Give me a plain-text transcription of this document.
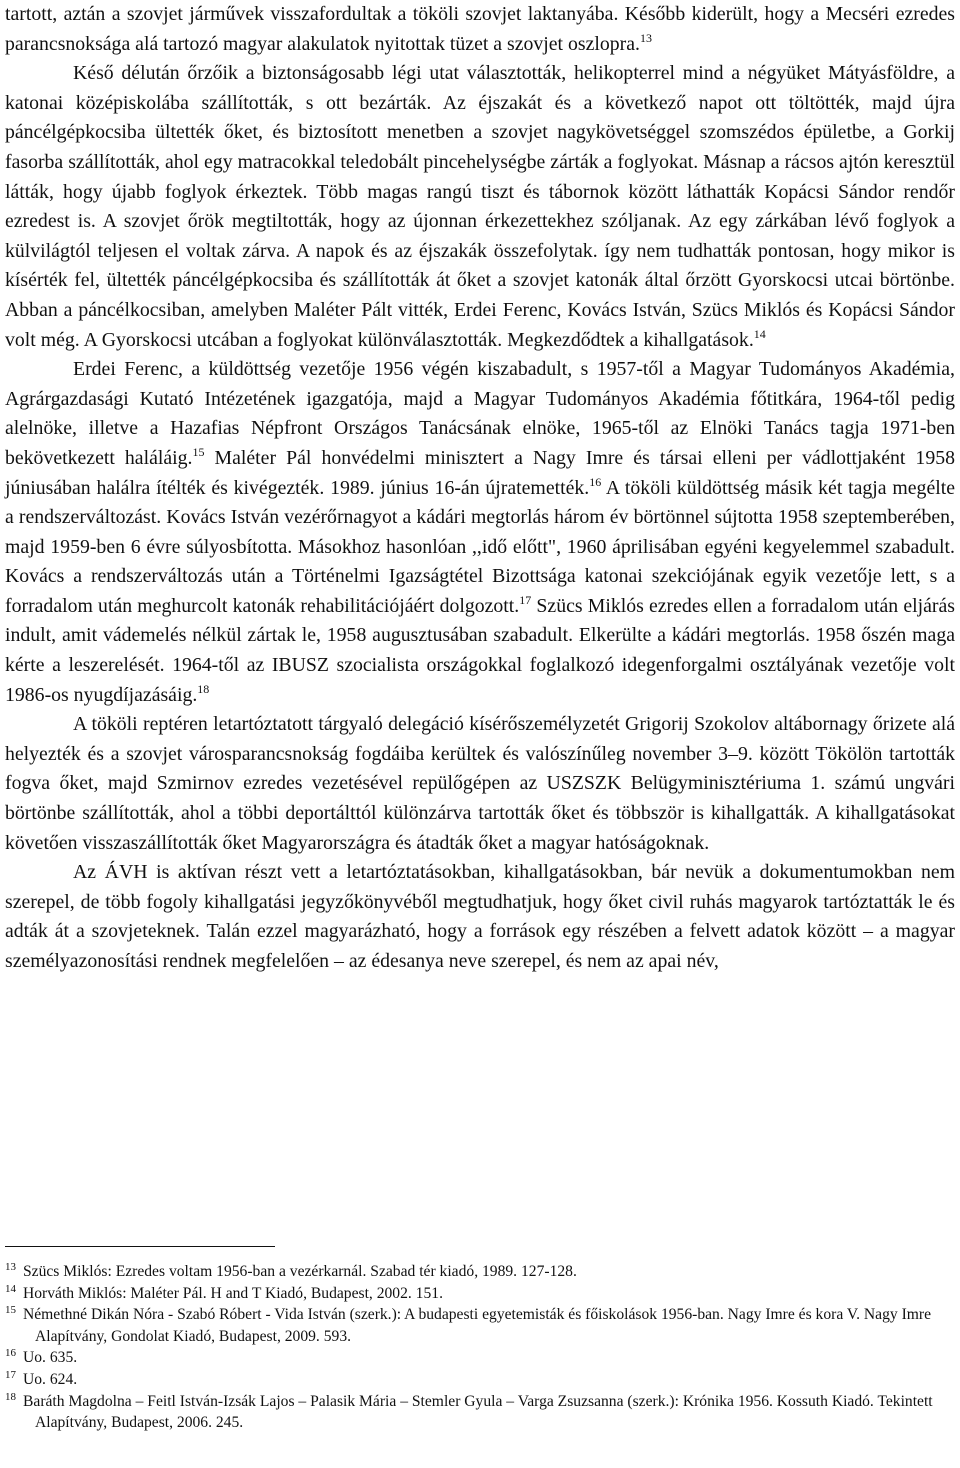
tartott, aztán a szovjet járművek visszafordultak a tököli szovjet laktanyába. Később kiderült, hogy a Mecséri ezredes parancsnoksága alá tartozó magyar alakulatok nyitottak tüzet a szovjet oszlopra.$^{13}$

Késő délután őrzőik a biztonságosabb légi utat választották, helikopterrel mind a négyüket Mátyásföldre, a katonai középiskolába szállították, s ott bezárták. Az éjszakát és a következő napot ott töltötték, majd újra páncélgépkocsiba ültették őket, és biztosított menetben a szovjet nagykövetséggel szomszédos épületbe, a Gorkij fasorba szállították, ahol egy matracokkal teledobált pincehelységbe zárták a foglyokat. Másnap a rácsos ajtón keresztül látták, hogy újabb foglyok érkeztek. Több magas rangú tiszt és tábornok között láthatták Kopácsi Sándor rendőr ezredest is. A szovjet őrök megtiltották, hogy az újonnan érkezettekhez szóljanak. Az egy zárkában lévő foglyok a külvilágtól teljesen el voltak zárva. A napok és az éjszakák összefolytak. így nem tudhatták pontosan, hogy mikor is kísérték fel, ültették páncélgépkocsiba és szállították át őket a szovjet katonák által őrzött Gyorskocsi utcai börtönbe. Abban a páncélkocsiban, amelyben Maléter Pált vitték, Erdei Ferenc, Kovács István, Szücs Miklós és Kopácsi Sándor volt még. A Gyorskocsi utcában a foglyokat különválasztották. Megkezdődtek a kihallgatások.$^{14}$

Erdei Ferenc, a küldöttség vezetője 1956 végén kiszabadult, s 1957-től a Magyar Tudományos Akadémia, Agrárgazdasági Kutató Intézetének igazgatója, majd a Magyar Tudományos Akadémia főtitkára, 1964-től pedig alelnöke, illetve a Hazafias Népfront Országos Tanácsának elnöke, 1965-től az Elnöki Tanács tagja 1971-ben bekövetkezett haláláig.$^{15}$ Maléter Pál honvédelmi minisztert a Nagy Imre és társai elleni per vádlottjaként 1958 júniusában halálra ítélték és kivégezték. 1989. június 16-án újratemették.$^{16}$ A tököli küldöttség másik két tagja megélte a rendszerváltozást. Kovács István vezérőrnagyot a kádári megtorlás három év börtönnel sújtotta 1958 szeptemberében, majd 1959-ben 6 évre súlyosbította. Másokhoz hasonlóan ,,idő előtt", 1960 áprilisában egyéni kegyelemmel szabadult. Kovács a rendszerváltozás után a Történelmi Igazságtétel Bizottsága katonai szekciójának egyik vezetője lett, s a forradalom után meghurcolt katonák rehabilitációjáért dolgozott.$^{17}$ Szücs Miklós ezredes ellen a forradalom után eljárás indult, amit vádemelés nélkül zártak le, 1958 augusztusában szabadult. Elkerülte a kádári megtorlás. 1958 őszén maga kérte a leszerelését. 1964-től az IBUSZ szocialista országokkal foglalkozó idegenforgalmi osztályának vezetője volt 1986-os nyugdíjazásáig.$^{18}$

A tököli reptéren letartóztatott tárgyaló delegáció kísérőszemélyzetét Grigorij Szokolov altábornagy őrizete alá helyezték és a szovjet városparancsnokság fogdáiba kerültek és valószínűleg november 3–9. között Tökölön tartották fogva őket, majd Szmirnov ezredes vezetésével repülőgépen az USZSZK Belügyminisztériuma 1. számú ungvári börtönbe szállították, ahol a többi deportálttól különzárva tartották őket és többször is kihallgatták. A kihallgatásokat követően visszaszállították őket Magyarországra és átadták őket a magyar hatóságoknak.

Az ÁVH is aktívan részt vett a letartóztatásokban, kihallgatásokban, bár nevük a dokumentumokban nem szerepel, de több fogoly kihallgatási jegyzőkönyvéből megtudhatjuk, hogy őket civil ruhás magyarok tartóztatták le és adták át a szovjeteknek. Talán ezzel magyarázható, hogy a források egy részében a felvett adatok között – a magyar személyazonosítási rendnek megfelelően – az édesanya neve szerepel, és nem az apai név,

$^{13}$ Szücs Miklós: Ezredes voltam 1956-ban a vezérkarnál. Szabad tér kiadó, 1989. 127-128.

$^{14}$ Horváth Miklós: Maléter Pál. H and T Kiadó, Budapest, 2002. 151.

$^{15}$ Némethné Dikán Nóra - Szabó Róbert - Vida István (szerk.): A budapesti egyetemisták és főiskolások 1956-ban. Nagy Imre és kora V. Nagy Imre Alapítvány, Gondolat Kiadó, Budapest, 2009. 593.

$^{16}$ Uo. 635.

$^{17}$ Uo. 624.

$^{18}$ Baráth Magdolna – Feitl István-Izsák Lajos – Palasik Mária – Stemler Gyula – Varga Zsuzsanna (szerk.): Krónika 1956. Kossuth Kiadó. Tekintett Alapítvány, Budapest, 2006. 245.
